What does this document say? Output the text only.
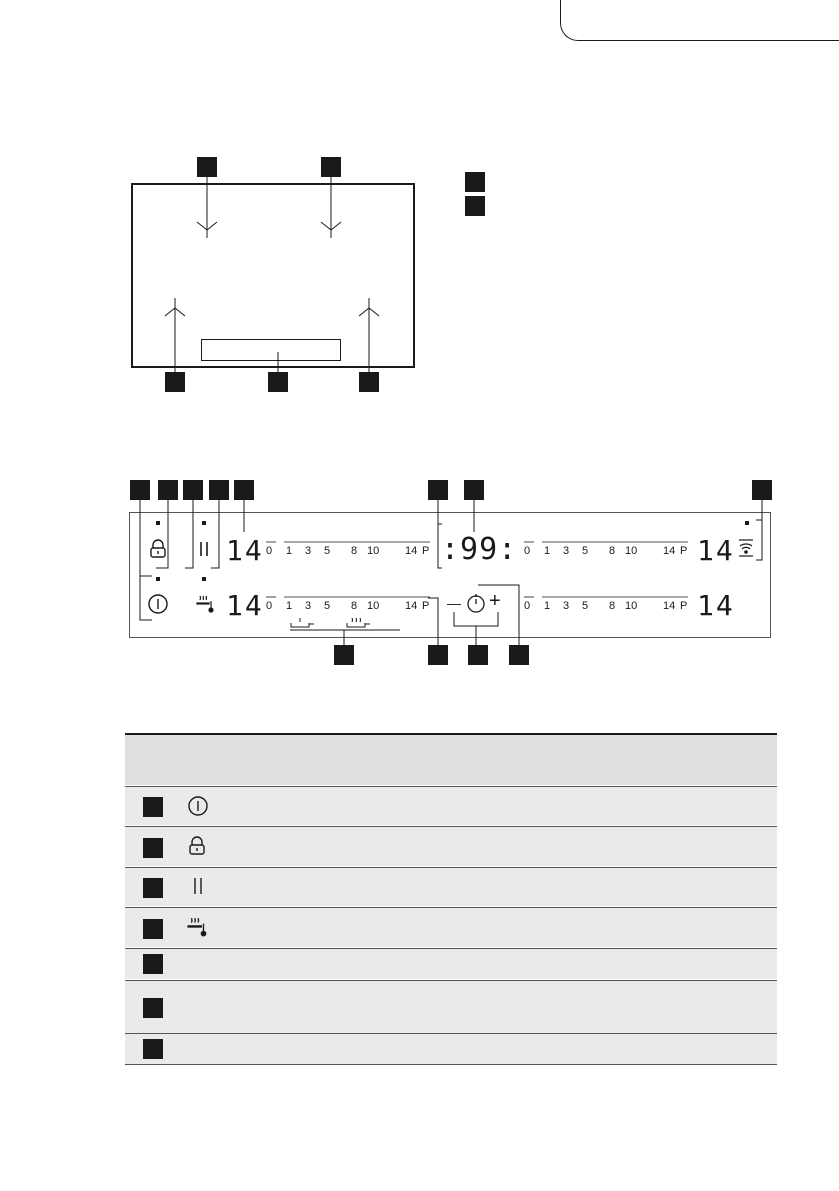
14
14
14
14
:99:
— +
0 1 3 5 8 10 14 P
0 1 3 5 8 10 14 P
0 1 3 5 8 10 14 P
0 1 3 5 8 10 14 P
